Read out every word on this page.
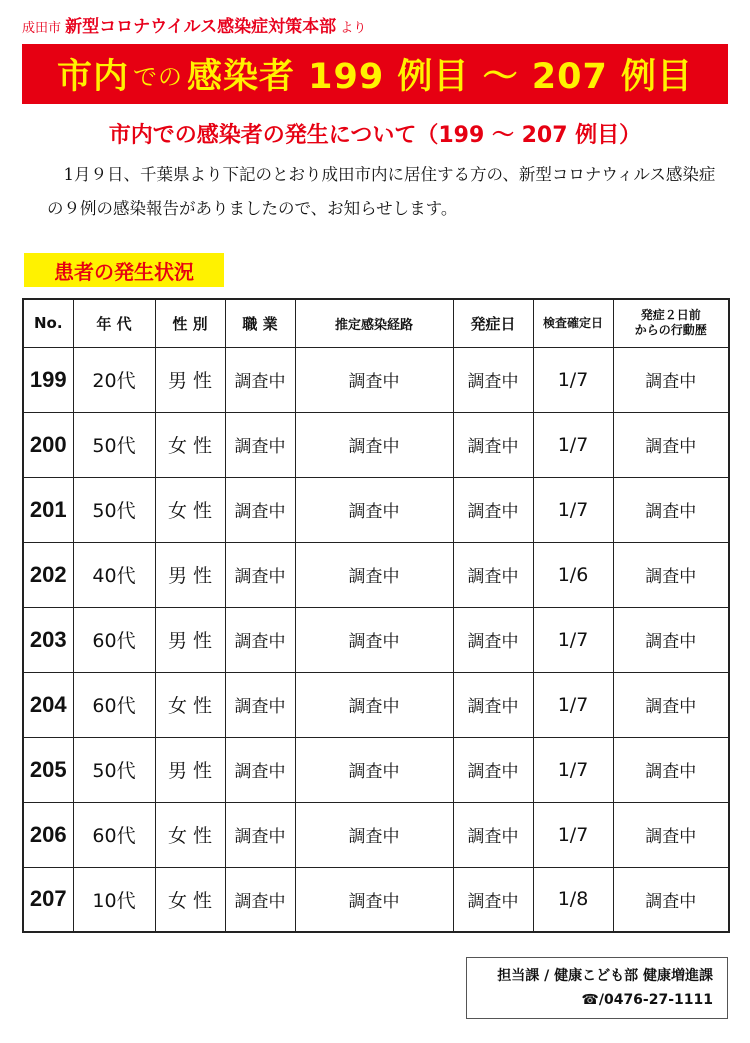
成田市 新型コロナウイルス感染症対策本部 より
市内 での 感染者 199 例目 ～ 207 例目
市内での感染者の発生について（199 ～ 207 例目）
1月９日、千葉県より下記のとおり成田市内に居住する方の、新型コロナウィルス感染症の９例の感染報告がありましたので、お知らせします。
患者の発生状況
No.	年 代	性 別	職 業	推定感染経路	発症日	検査確定日	発症２日前
からの行動歴

199	20代	男 性	調査中	調査中	調査中	1/7	調査中
200	50代	女 性	調査中	調査中	調査中	1/7	調査中
201	50代	女 性	調査中	調査中	調査中	1/7	調査中
202	40代	男 性	調査中	調査中	調査中	1/6	調査中
203	60代	男 性	調査中	調査中	調査中	1/7	調査中
204	60代	女 性	調査中	調査中	調査中	1/7	調査中
205	50代	男 性	調査中	調査中	調査中	1/7	調査中
206	60代	女 性	調査中	調査中	調査中	1/7	調査中
207	10代	女 性	調査中	調査中	調査中	1/8	調査中
担当課 / 健康こども部 健康増進課
☎/0476-27-1111
